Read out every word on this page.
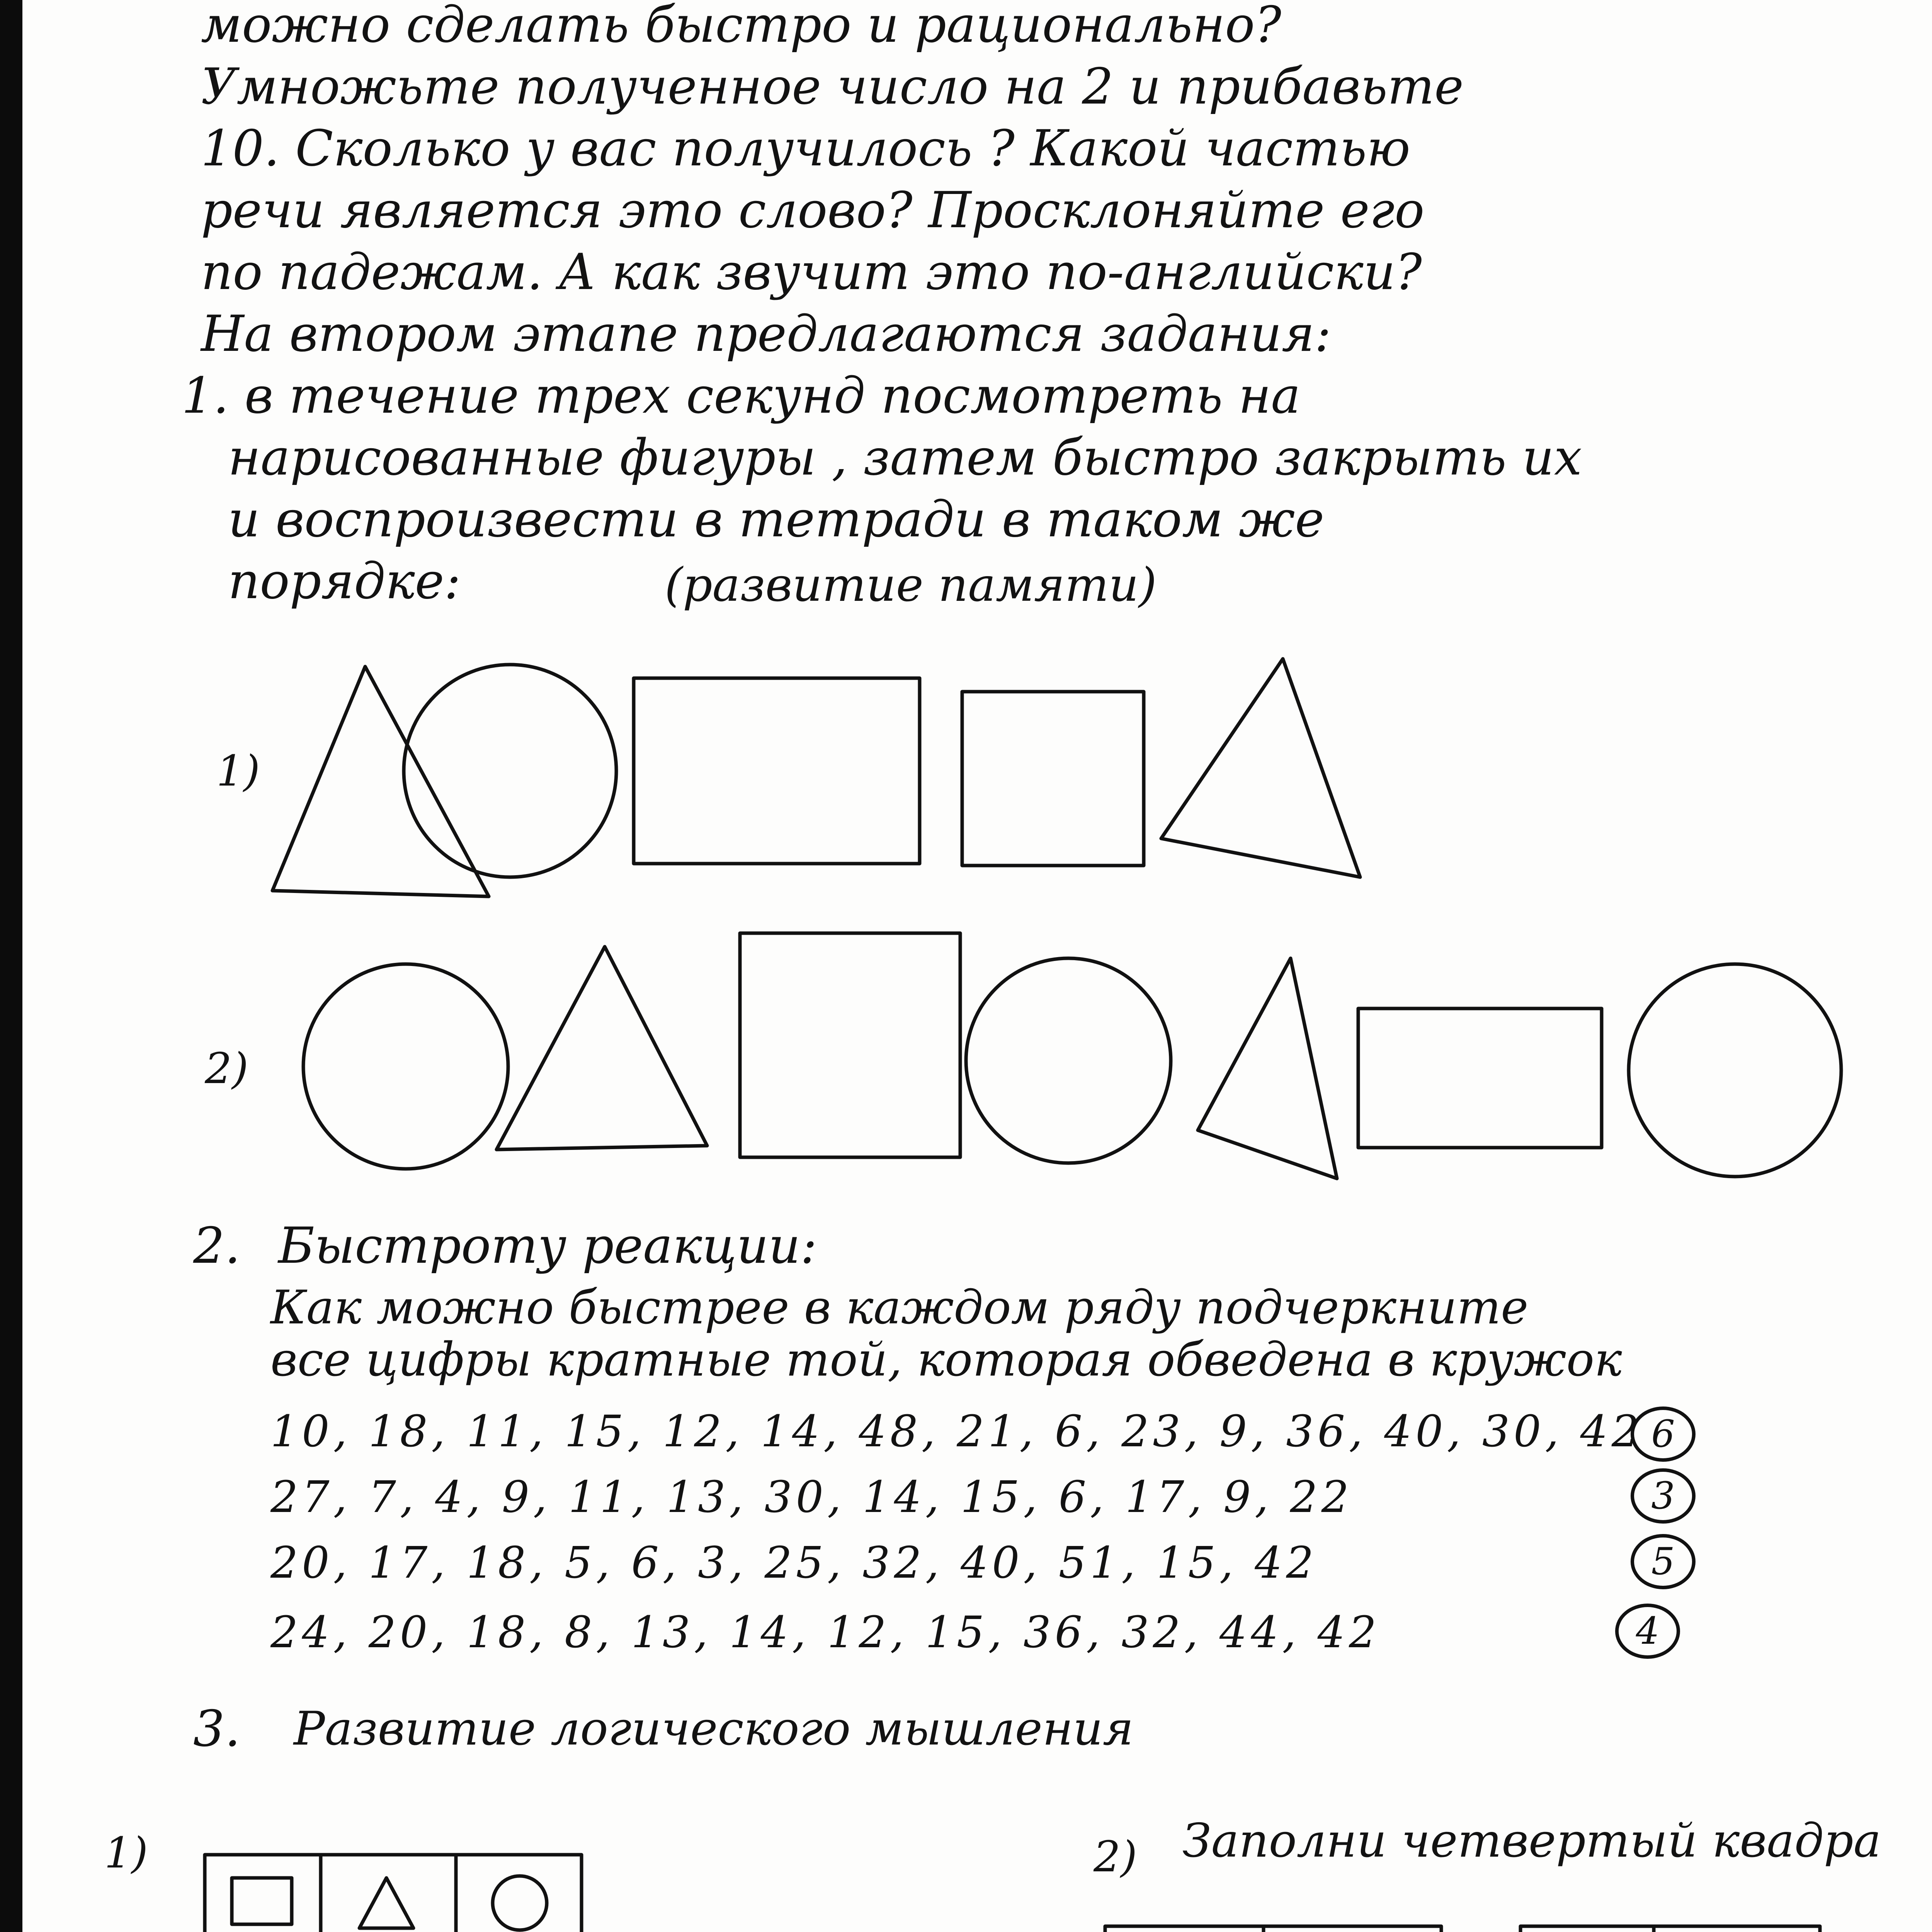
можно сделать быстро и рационально?
Умножьте полученное число на 2 и прибавьте
10. Сколько у вас получилось ? Какой частью
речи является это слово? Просклоняйте его
по падежам. А как звучит это по-английски?
На втором этапе предлагаются задания:
1. в течение трех секунд посмотреть на
нарисованные фигуры , затем быстро закрыть их
и воспроизвести в тетради в таком же
порядке:	(развитие памяти)
1)
2)
2. Быстроту реакции:
Как можно быстрее в каждом ряду подчеркните
все цифры кратные той, которая обведена в кружок
10, 18, 11, 15, 12, 14, 48, 21, 6, 23, 9, 36, 40, 30, 42 6
27, 7, 4, 9, 11, 13, 30, 14, 15, 6, 17, 9, 22	3
20, 17, 18, 5, 6, 3, 25, 32, 40, 51, 15, 42	5
24, 20, 18, 8, 13, 14, 12, 15, 36, 32, 44, 42	4
3. Развитие логического мышления
1)	2) Заполни четвертый квадра
